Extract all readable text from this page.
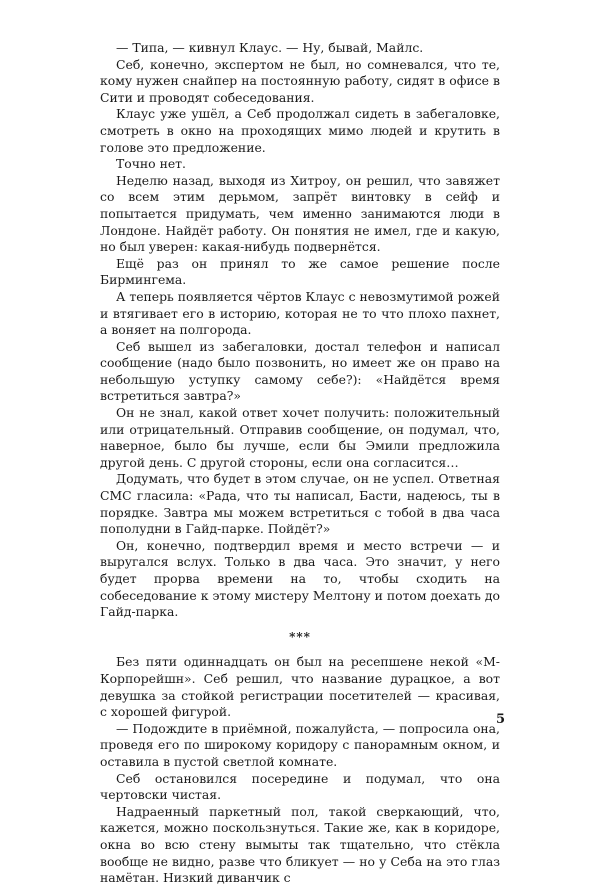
— Типа, — кивнул Клаус. — Ну, бывай, Майлс.

Себ, конечно, экспертом не был, но сомневался, что те, кому нужен снайпер на постоянную работу, сидят в офисе в Сити и проводят собеседования.

Клаус уже ушёл, а Себ продолжал сидеть в забегаловке, смотреть в окно на проходящих мимо людей и крутить в голове это предложение.

Точно нет.

Неделю назад, выходя из Хитроу, он решил, что завяжет со всем этим дерьмом, запрёт винтовку в сейф и попытается придумать, чем именно занимаются люди в Лондоне. Найдёт работу. Он понятия не имел, где и какую, но был уверен: какая-нибудь подвернётся.

Ещё раз он принял то же самое решение после Бирмингема.

А теперь появляется чёртов Клаус с невозмутимой рожей и втягивает его в историю, которая не то что плохо пахнет, а воняет на полгорода.

Себ вышел из забегаловки, достал телефон и написал сообщение (надо было позвонить, но имеет же он право на небольшую уступку самому себе?): «Найдётся время встретиться завтра?»

Он не знал, какой ответ хочет получить: положительный или отрицательный. Отправив сообщение, он подумал, что, наверное, было бы лучше, если бы Эмили предложила другой день. С другой стороны, если она согласится…

Додумать, что будет в этом случае, он не успел. Ответная СМС гласила: «Рада, что ты написал, Басти, надеюсь, ты в порядке. Завтра мы можем встретиться с тобой в два часа пополудни в Гайд-парке. Пойдёт?»

Он, конечно, подтвердил время и место встречи — и выругался вслух. Только в два часа. Это значит, у него будет прорва времени на то, чтобы сходить на собеседование к этому мистеру Мелтону и потом доехать до Гайд-парка.

***

Без пяти одиннадцать он был на ресепшене некой «М-Корпорейшн». Себ решил, что название дурацкое, а вот девушка за стойкой регистрации посетителей — красивая, с хорошей фигурой.

— Подождите в приёмной, пожалуйста, — попросила она, проведя его по широкому коридору с панорамным окном, и оставила в пустой светлой комнате.

Себ остановился посередине и подумал, что она чертовски чистая.

Надраенный паркетный пол, такой сверкающий, что, кажется, можно поскользнуться. Такие же, как в коридоре, окна во всю стену вымыты так тщательно, что стёкла вообще не видно, разве что бликует — но у Себа на это глаз намётан. Низкий диванчик с

5
